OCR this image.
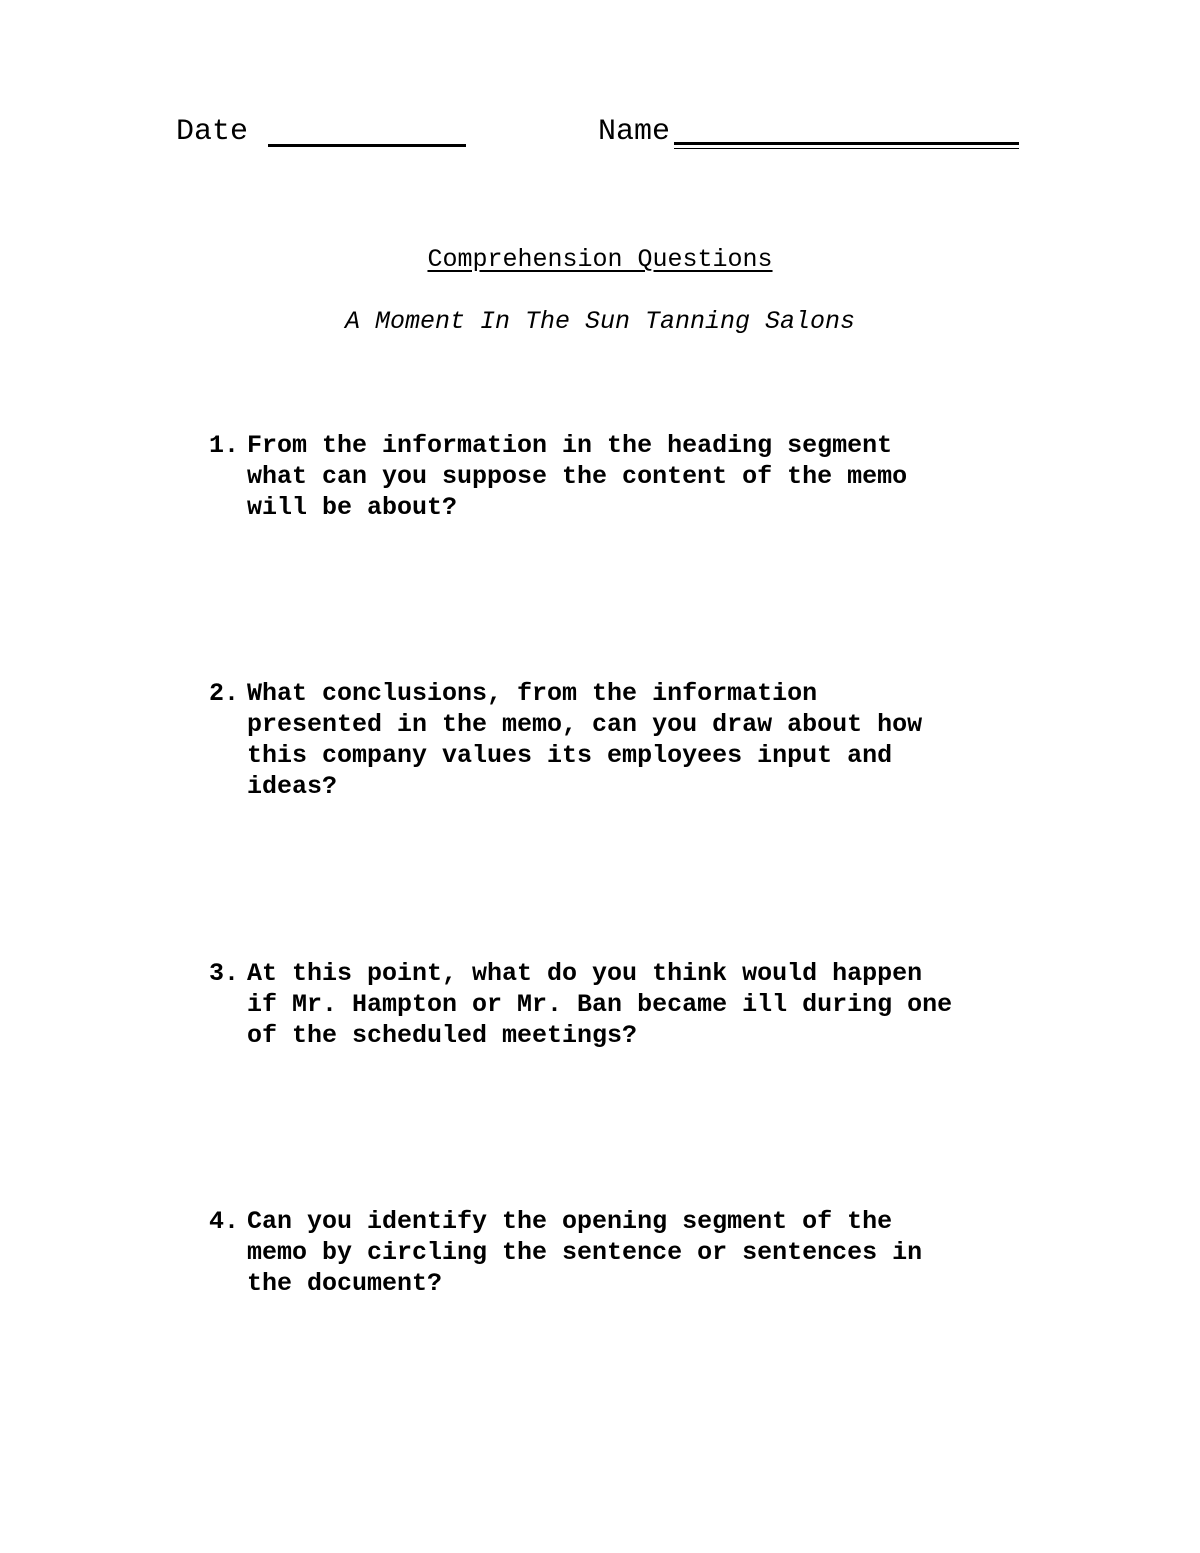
Date	Name
Comprehension Questions
A Moment In The Sun Tanning Salons
1. From the information in the heading segment
what can you suppose the content of the memo
will be about?
2. What conclusions, from the information
presented in the memo, can you draw about how
this company values its employees input and
ideas?
3. At this point, what do you think would happen
if Mr. Hampton or Mr. Ban became ill during one
of the scheduled meetings?
4. Can you identify the opening segment of the
memo by circling the sentence or sentences in
the document?
